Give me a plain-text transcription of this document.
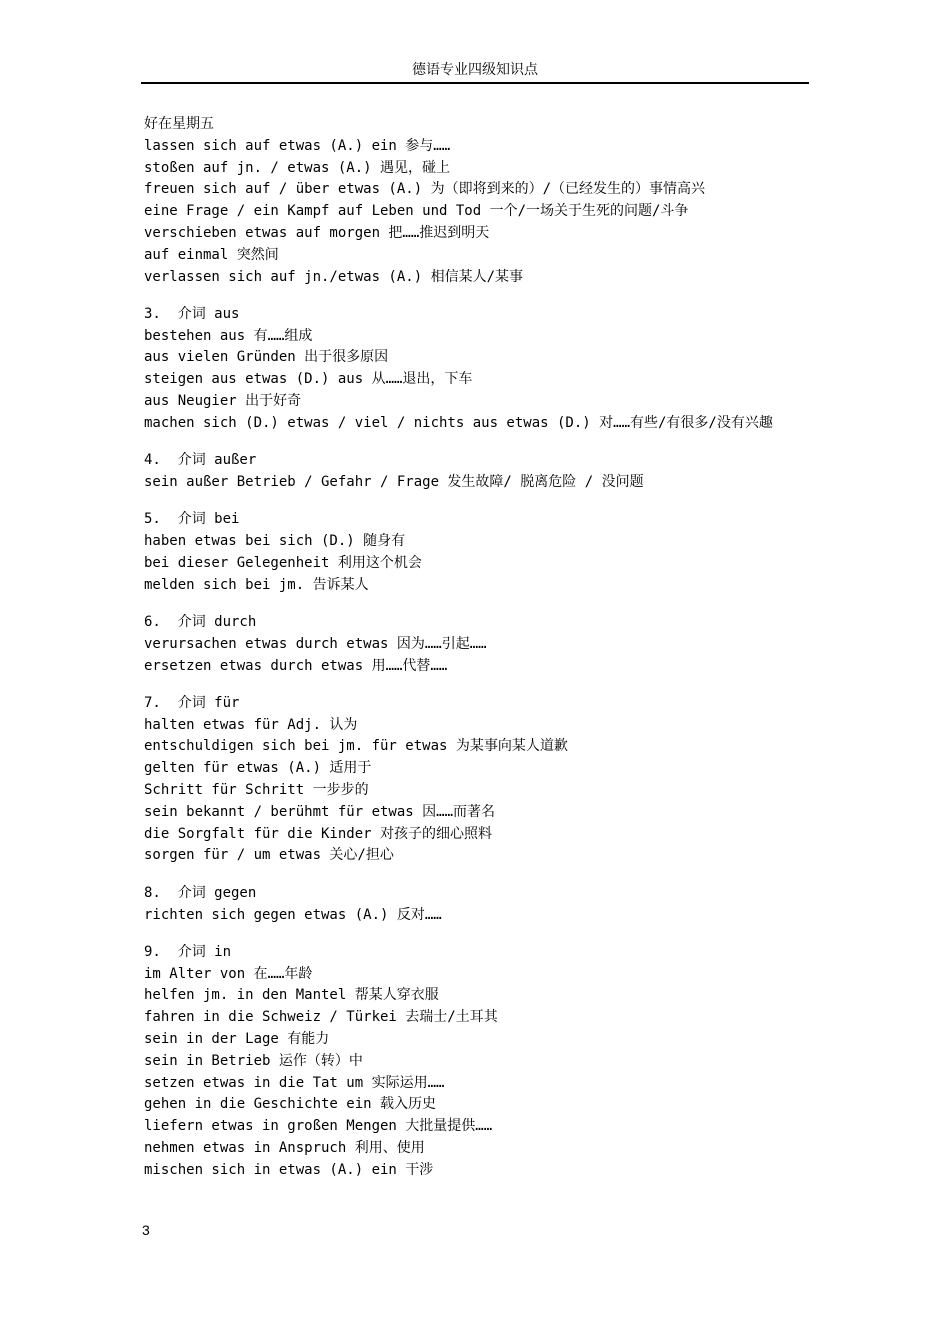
德语专业四级知识点
好在星期五
lassen sich auf etwas (A.) ein 参与……
stoßen auf jn. / etwas (A.) 遇见，碰上
freuen sich auf / über etwas (A.) 为（即将到来的）/（已经发生的）事情高兴
eine Frage / ein Kampf auf Leben und Tod 一个/一场关于生死的问题/斗争
verschieben etwas auf morgen 把……推迟到明天
auf einmal 突然间
verlassen sich auf jn./etwas (A.) 相信某人/某事
3.  介词 aus
bestehen aus 有……组成
aus vielen Gründen 出于很多原因
steigen aus etwas (D.) aus 从……退出，下车
aus Neugier 出于好奇
machen sich (D.) etwas / viel / nichts aus etwas (D.) 对……有些/有很多/没有兴趣
4.  介词 außer
sein außer Betrieb / Gefahr / Frage 发生故障/ 脱离危险 / 没问题
5.  介词 bei
haben etwas bei sich (D.) 随身有
bei dieser Gelegenheit 利用这个机会
melden sich bei jm. 告诉某人
6.  介词 durch
verursachen etwas durch etwas 因为……引起……
ersetzen etwas durch etwas 用……代替……
7.  介词 für
halten etwas für Adj. 认为
entschuldigen sich bei jm. für etwas 为某事向某人道歉
gelten für etwas (A.) 适用于
Schritt für Schritt 一步步的
sein bekannt / berühmt für etwas 因……而著名
die Sorgfalt für die Kinder 对孩子的细心照料
sorgen für / um etwas 关心/担心
8.  介词 gegen
richten sich gegen etwas (A.) 反对……
9.  介词 in
im Alter von 在……年龄
helfen jm. in den Mantel 帮某人穿衣服
fahren in die Schweiz / Türkei 去瑞士/土耳其
sein in der Lage 有能力
sein in Betrieb 运作（转）中
setzen etwas in die Tat um 实际运用……
gehen in die Geschichte ein 载入历史
liefern etwas in großen Mengen 大批量提供……
nehmen etwas in Anspruch 利用、使用
mischen sich in etwas (A.) ein 干涉
3
